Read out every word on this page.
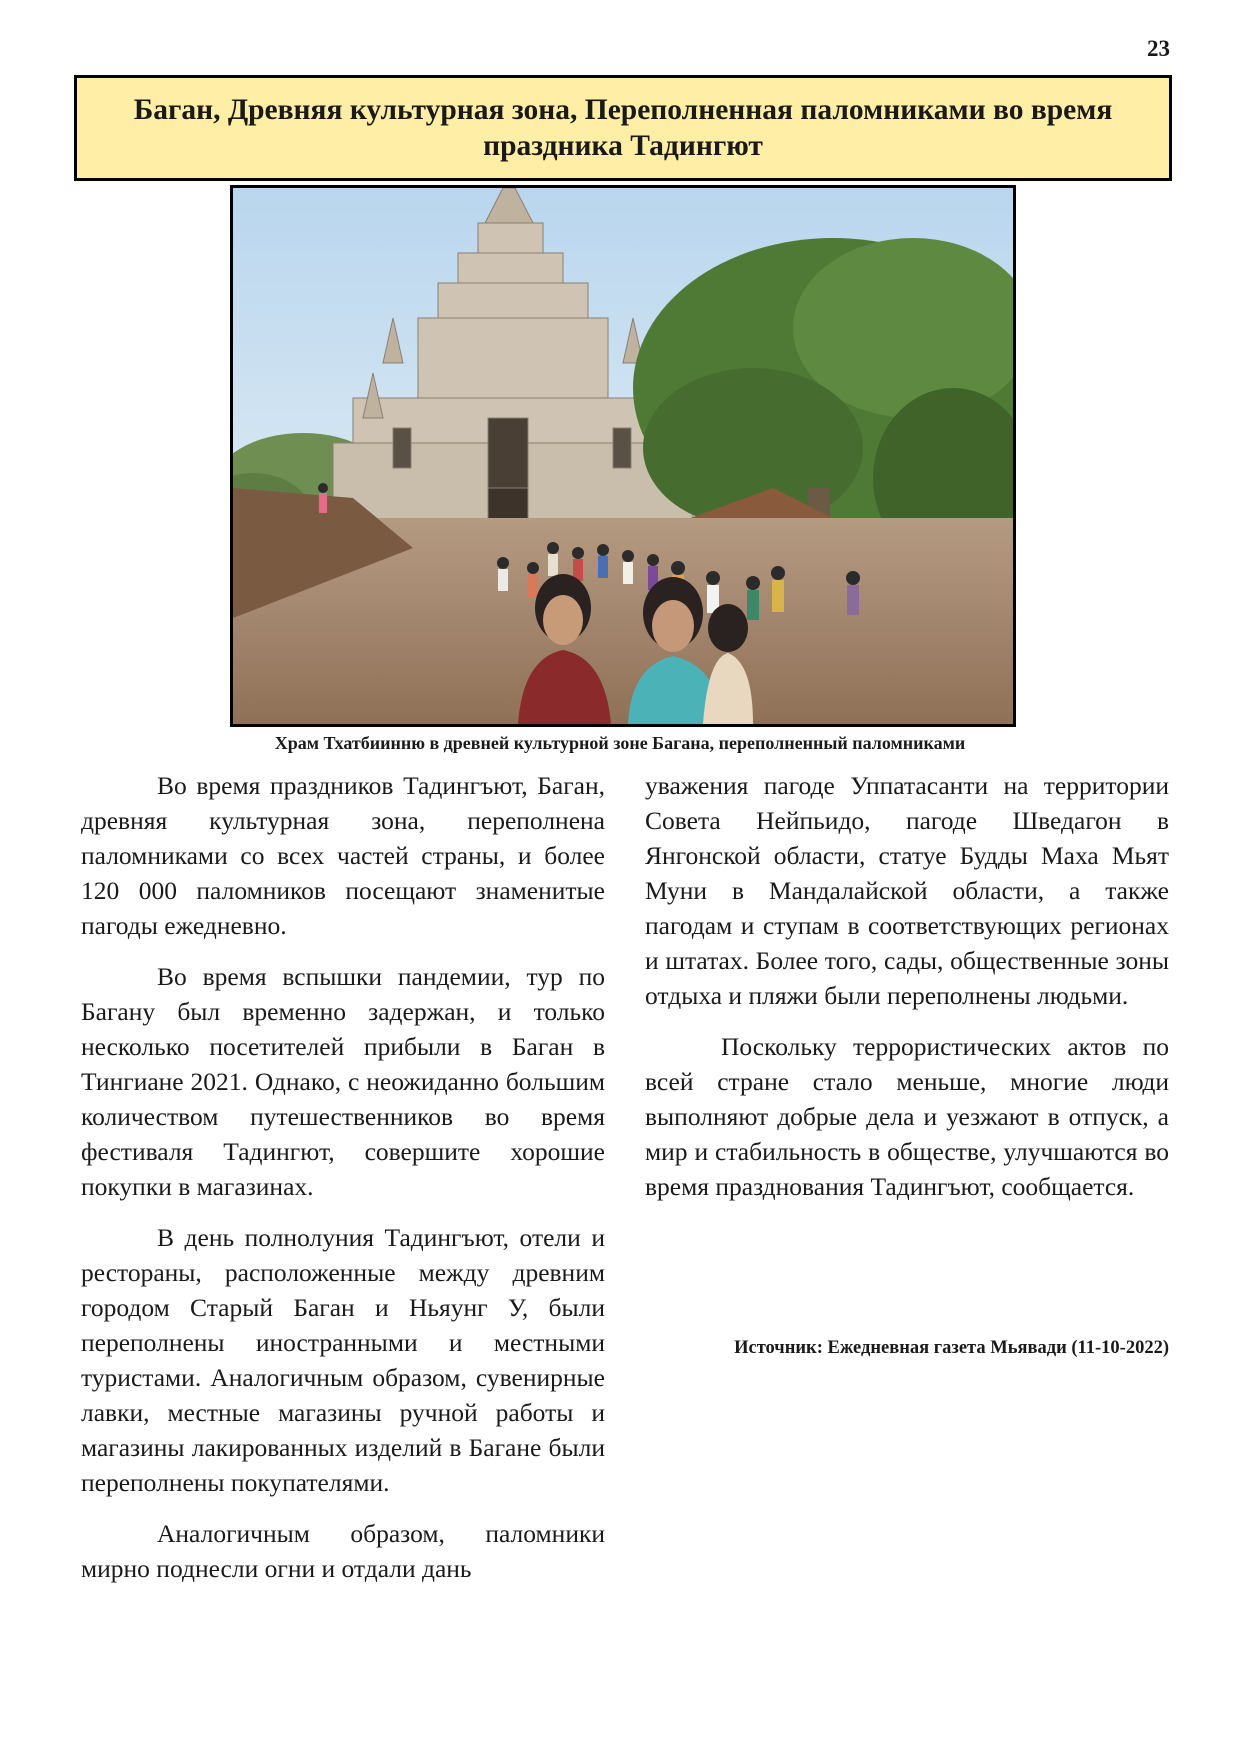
23
Баган, Древняя культурная зона, Переполненная паломниками во время праздника Тадингют
Храм Тхатбиинню в древней культурной зоне Багана, переполненный паломниками

Во время праздников Тадингъют, Баган, древняя культурная зона, переполнена паломниками со всех частей страны, и более 120 000 паломников посещают знаменитые пагоды ежедневно.

Во время вспышки пандемии, тур по Багану был временно задержан, и только несколько посетителей прибыли в Баган в Тингиане 2021. Однако, с неожиданно большим количеством путешественников во время фестиваля Тадингют, совершите хорошие покупки в магазинах.

В день полнолуния Тадингъют, отели и рестораны, расположенные между древним городом Старый Баган и Ньяунг У, были переполнены иностранными и местными туристами. Аналогичным образом, сувенирные лавки, местные магазины ручной работы и магазины лакированных изделий в Багане были переполнены покупателями.

Аналогичным образом, паломники мирно поднесли огни и отдали дань

уважения пагоде Уппатасанти на территории Совета Нейпьидо, пагоде Шведагон в Янгонской области, статуе Будды Маха Мьят Муни в Мандалайской области, а также пагодам и ступам в соответствующих регионах и штатах. Более того, сады, общественные зоны отдыха и пляжи были переполнены людьми.

Поскольку террористических актов по всей стране стало меньше, многие люди выполняют добрые дела и уезжают в отпуск, а мир и стабильность в обществе, улучшаются во время празднования Тадингъют, сообщается.

Источник: Ежедневная газета Мьявади (11-10-2022)
